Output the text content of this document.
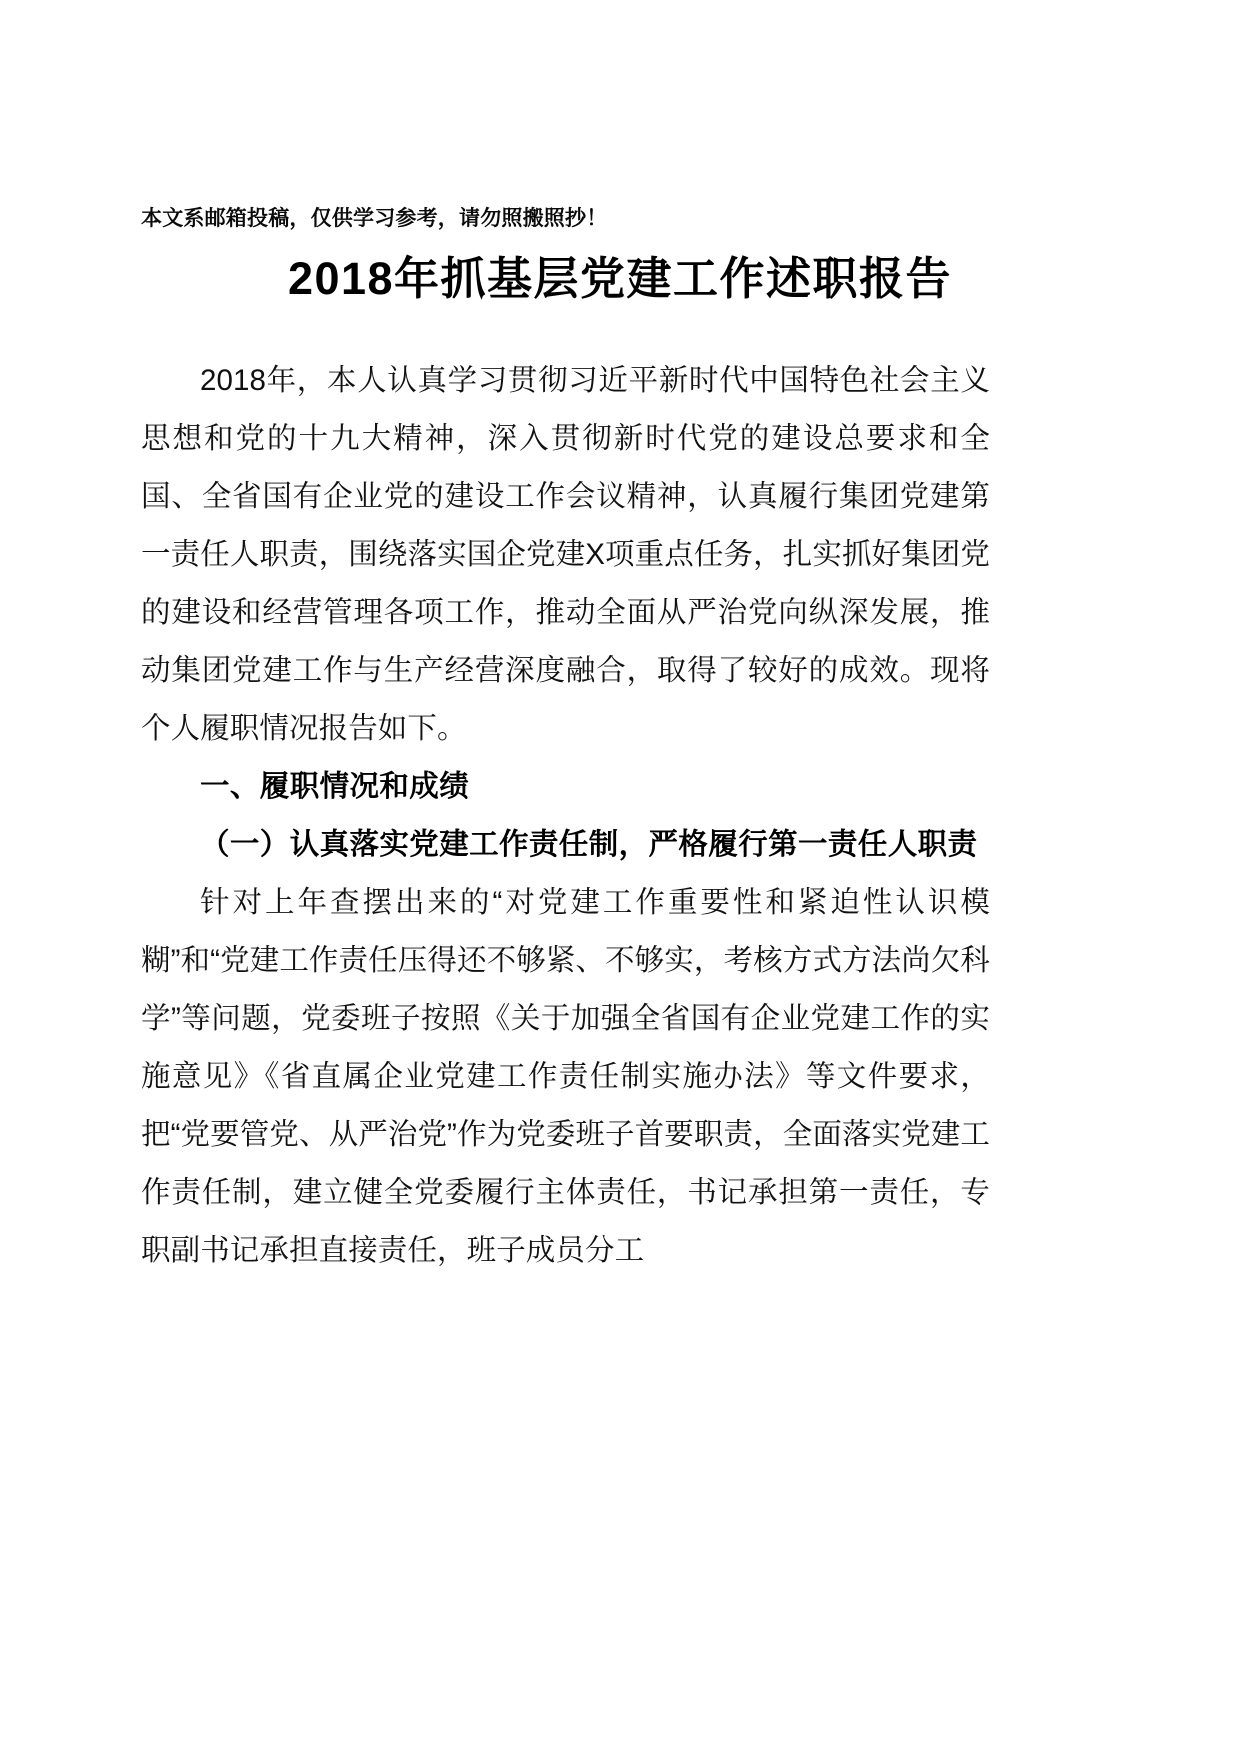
本文系邮箱投稿，仅供学习参考，请勿照搬照抄！
2018年抓基层党建工作述职报告

2018年，本人认真学习贯彻习近平新时代中国特色社会主义思想和党的十九大精神，深入贯彻新时代党的建设总要求和全国、全省国有企业党的建设工作会议精神，认真履行集团党建第一责任人职责，围绕落实国企党建X项重点任务，扎实抓好集团党的建设和经营管理各项工作，推动全面从严治党向纵深发展，推动集团党建工作与生产经营深度融合，取得了较好的成效。现将个人履职情况报告如下。

一、履职情况和成绩

（一）认真落实党建工作责任制，严格履行第一责任人职责

针对上年查摆出来的“对党建工作重要性和紧迫性认识模糊”和“党建工作责任压得还不够紧、不够实，考核方式方法尚欠科学”等问题，党委班子按照《关于加强全省国有企业党建工作的实施意见》《省直属企业党建工作责任制实施办法》等文件要求，把“党要管党、从严治党”作为党委班子首要职责，全面落实党建工作责任制，建立健全党委履行主体责任，书记承担第一责任，专职副书记承担直接责任，班子成员分工
